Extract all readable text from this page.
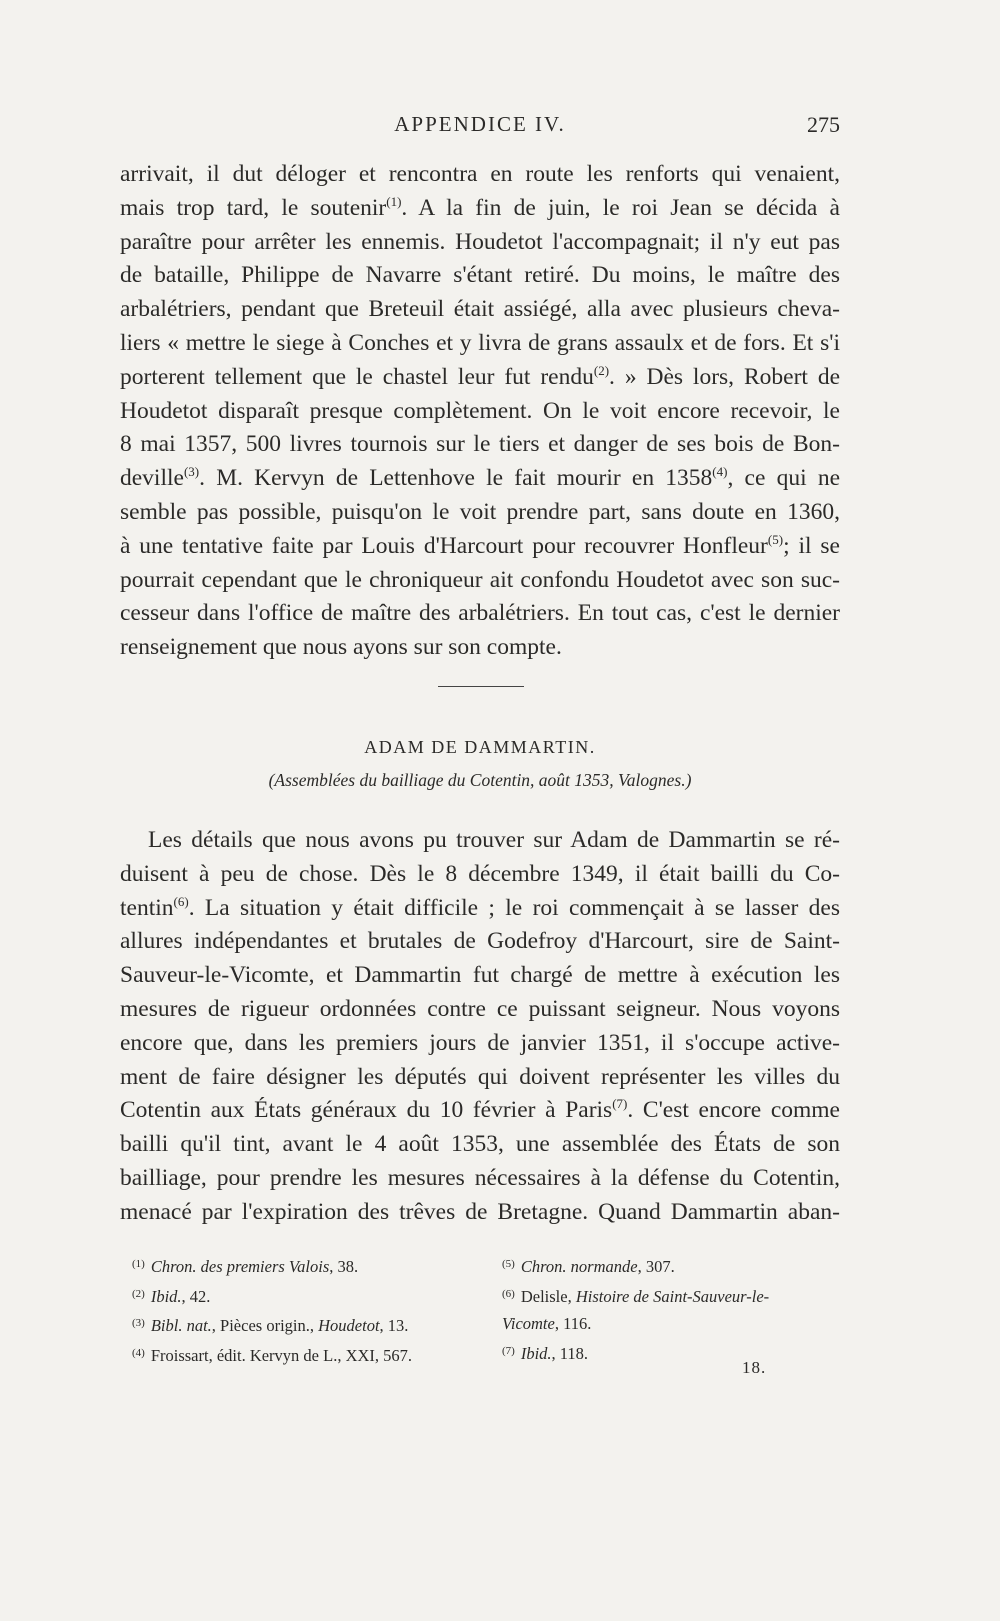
APPENDICE IV.	275
arrivait, il dut déloger et rencontra en route les renforts qui venaient,
mais trop tard, le soutenir$^{(1)}$. A la fin de juin, le roi Jean se décida à
paraître pour arrêter les ennemis. Houdetot l'accompagnait; il n'y eut pas
de bataille, Philippe de Navarre s'étant retiré. Du moins, le maître des
arbalétriers, pendant que Breteuil était assiégé, alla avec plusieurs cheva-
liers « mettre le siege à Conches et y livra de grans assaulx et de fors. Et s'i
porterent tellement que le chastel leur fut rendu$^{(2)}$. » Dès lors, Robert de
Houdetot disparaît presque complètement. On le voit encore recevoir, le
8 mai 1357, 500 livres tournois sur le tiers et danger de ses bois de Bon-
deville$^{(3)}$. M. Kervyn de Lettenhove le fait mourir en 1358$^{(4)}$, ce qui ne
semble pas possible, puisqu'on le voit prendre part, sans doute en 1360,
à une tentative faite par Louis d'Harcourt pour recouvrer Honfleur$^{(5)}$; il se
pourrait cependant que le chroniqueur ait confondu Houdetot avec son suc-
cesseur dans l'office de maître des arbalétriers. En tout cas, c'est le dernier
renseignement que nous ayons sur son compte.
ADAM DE DAMMARTIN.
(Assemblées du bailliage du Cotentin, août 1353, Valognes.)
Les détails que nous avons pu trouver sur Adam de Dammartin se ré-
duisent à peu de chose. Dès le 8 décembre 1349, il était bailli du Co-
tentin$^{(6)}$. La situation y était difficile ; le roi commençait à se lasser des
allures indépendantes et brutales de Godefroy d'Harcourt, sire de Saint-
Sauveur-le-Vicomte, et Dammartin fut chargé de mettre à exécution les
mesures de rigueur ordonnées contre ce puissant seigneur. Nous voyons
encore que, dans les premiers jours de janvier 1351, il s'occupe active-
ment de faire désigner les députés qui doivent représenter les villes du
Cotentin aux États généraux du 10 février à Paris$^{(7)}$. C'est encore comme
bailli qu'il tint, avant le 4 août 1353, une assemblée des États de son
bailliage, pour prendre les mesures nécessaires à la défense du Cotentin,
menacé par l'expiration des trêves de Bretagne. Quand Dammartin aban-
$^{(1)}$ Chron. des premiers Valois, 38.
$^{(2)}$ Ibid., 42.
$^{(3)}$ Bibl. nat., Pièces origin., Houdetot, 13.
$^{(4)}$ Froissart, édit. Kervyn de L., XXI, 567.
$^{(5)}$ Chron. normande, 307.
$^{(6)}$ Delisle, Histoire de Saint-Sauveur-le-
Vicomte, 116.
$^{(7)}$ Ibid., 118.
18.
